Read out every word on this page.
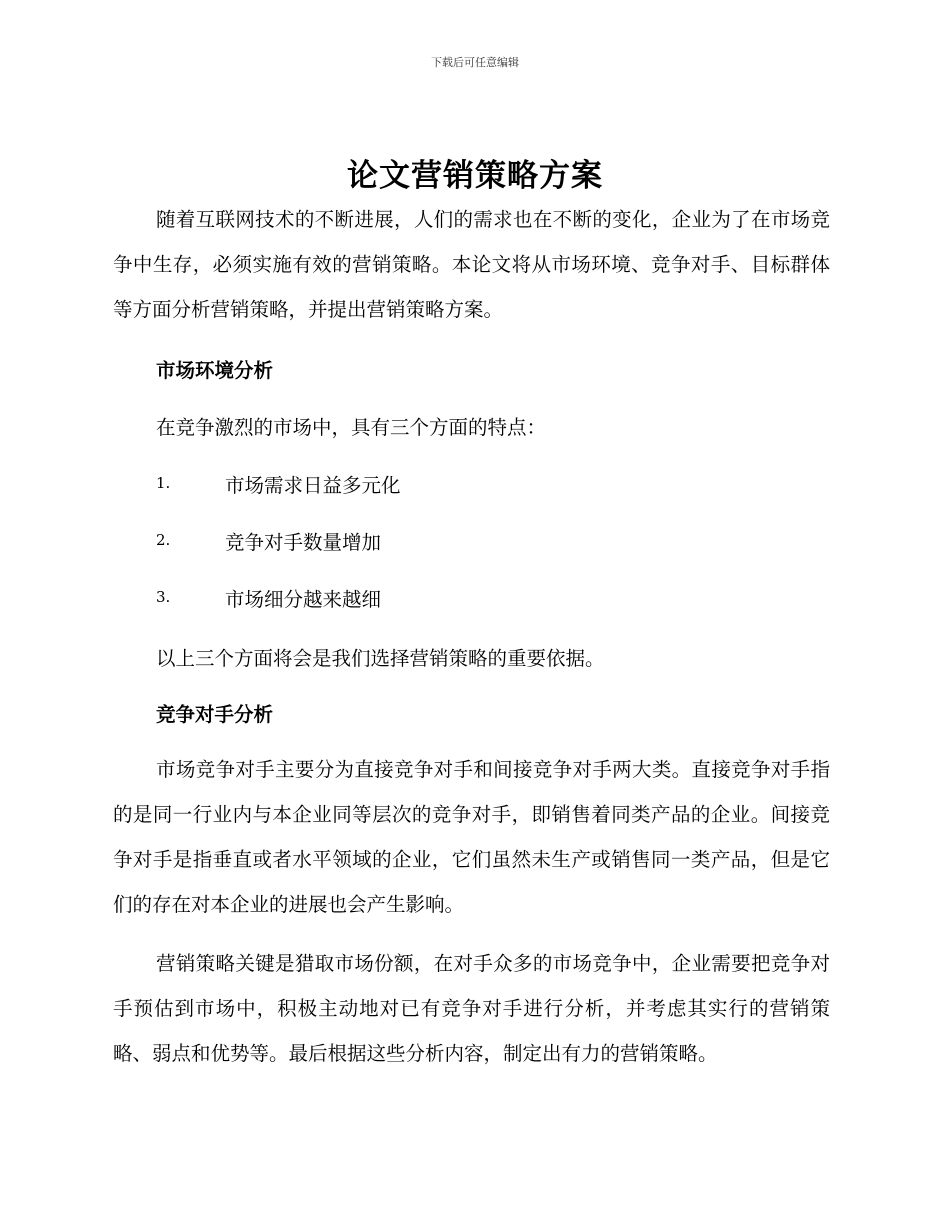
下载后可任意编辑
论文营销策略方案

随着互联网技术的不断进展，人们的需求也在不断的变化，企业为了在市场竞争中生存，必须实施有效的营销策略。本论文将从市场环境、竞争对手、目标群体等方面分析营销策略，并提出营销策略方案。

市场环境分析
在竞争激烈的市场中，具有三个方面的特点：
1.	市场需求日益多元化
2.	竞争对手数量增加
3.	市场细分越来越细
以上三个方面将会是我们选择营销策略的重要依据。
竞争对手分析

市场竞争对手主要分为直接竞争对手和间接竞争对手两大类。直接竞争对手指的是同一行业内与本企业同等层次的竞争对手，即销售着同类产品的企业。间接竞争对手是指垂直或者水平领域的企业，它们虽然未生产或销售同一类产品，但是它们的存在对本企业的进展也会产生影响。

营销策略关键是猎取市场份额，在对手众多的市场竞争中，企业需要把竞争对手预估到市场中，积极主动地对已有竞争对手进行分析，并考虑其实行的营销策略、弱点和优势等。最后根据这些分析内容，制定出有力的营销策略。
